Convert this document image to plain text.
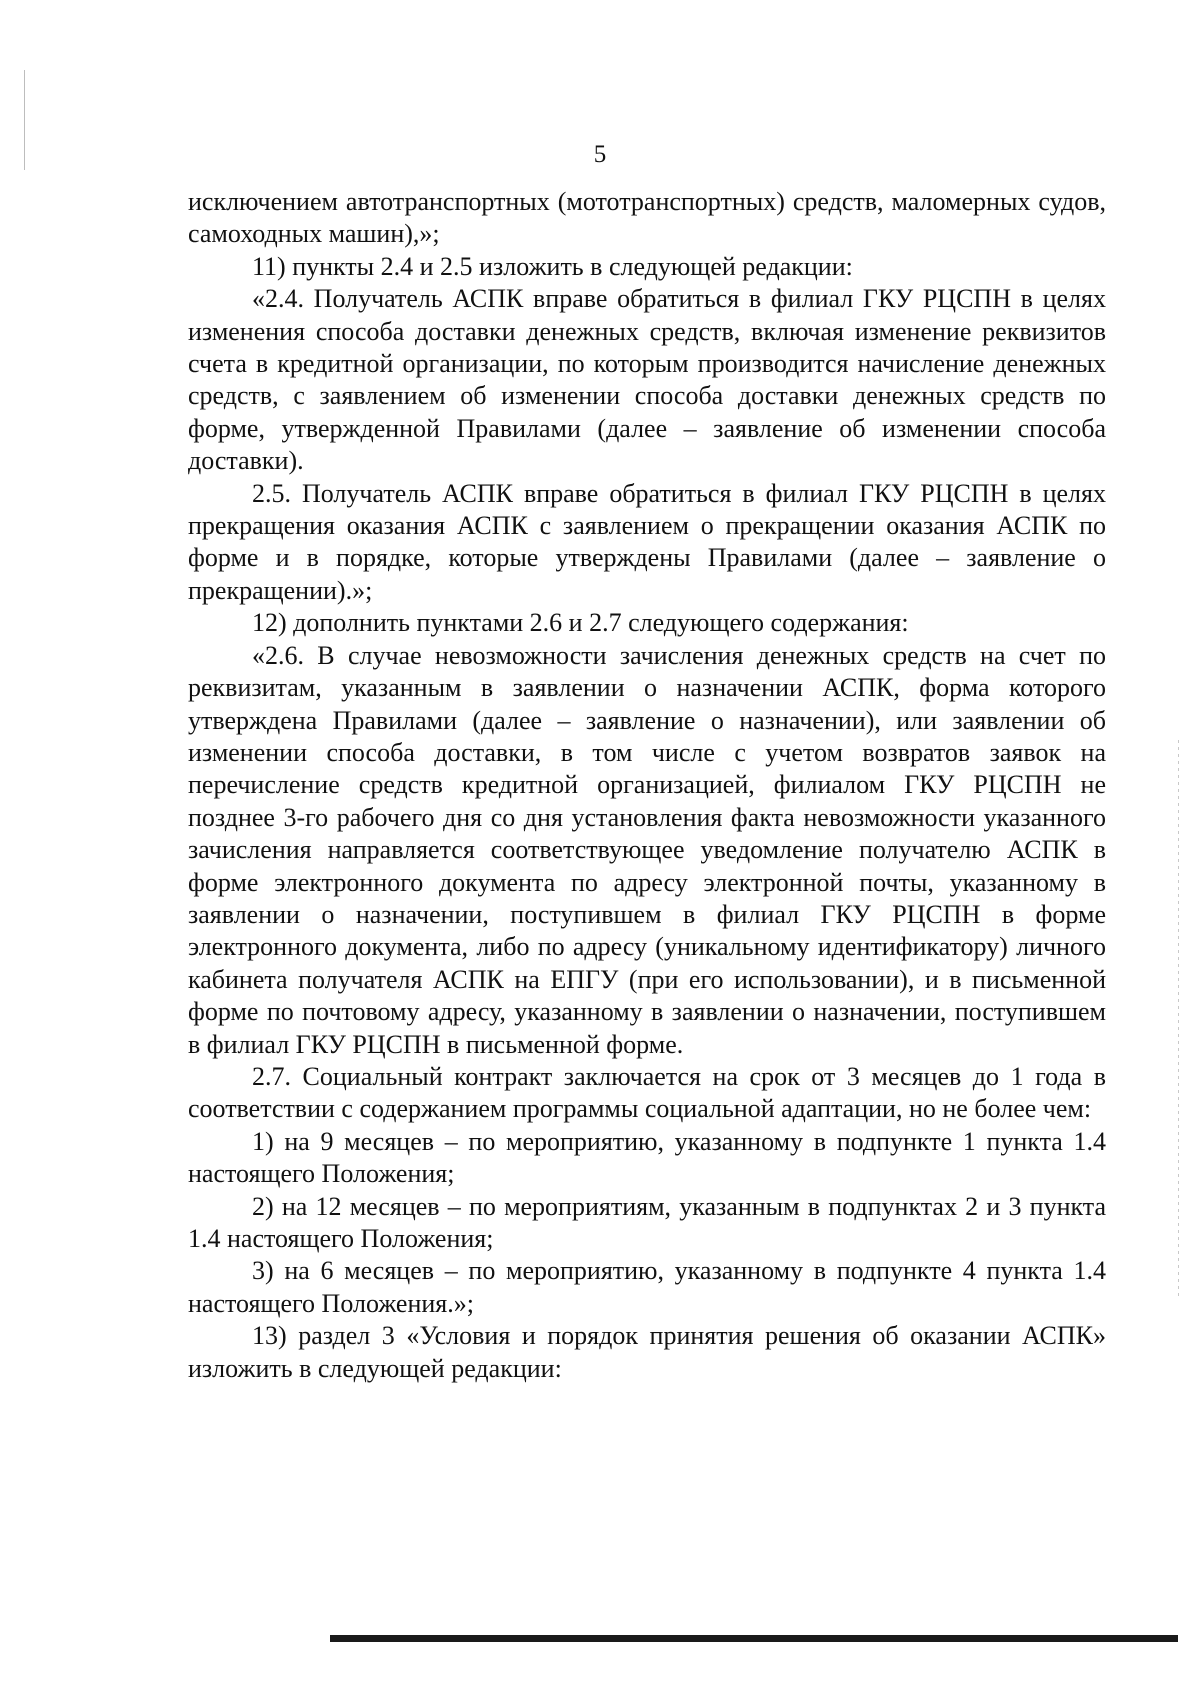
5

исключением автотранспортных (мототранспортных) средств, маломерных судов, самоходных машин),»;

11) пункты 2.4 и 2.5 изложить в следующей редакции:

«2.4. Получатель АСПК вправе обратиться в филиал ГКУ РЦСПН в целях изменения способа доставки денежных средств, включая изменение реквизитов счета в кредитной организации, по которым производится начисление денежных средств, с заявлением об изменении способа доставки денежных средств по форме, утвержденной Правилами (далее – заявление об изменении способа доставки).

2.5. Получатель АСПК вправе обратиться в филиал ГКУ РЦСПН в целях прекращения оказания АСПК с заявлением о прекращении оказания АСПК по форме и в порядке, которые утверждены Правилами (далее – заявление о прекращении).»;

12) дополнить пунктами 2.6 и 2.7 следующего содержания:

«2.6. В случае невозможности зачисления денежных средств на счет по реквизитам, указанным в заявлении о назначении АСПК, форма которого утверждена Правилами (далее – заявление о назначении), или заявлении об изменении способа доставки, в том числе с учетом возвратов заявок на перечисление средств кредитной организацией, филиалом ГКУ РЦСПН не позднее 3-го рабочего дня со дня установления факта невозможности указанного зачисления направляется соответствующее уведомление получателю АСПК в форме электронного документа по адресу электронной почты, указанному в заявлении о назначении, поступившем в филиал ГКУ РЦСПН в форме электронного документа, либо по адресу (уникальному идентификатору) личного кабинета получателя АСПК на ЕПГУ (при его использовании), и в письменной форме по почтовому адресу, указанному в заявлении о назначении, поступившем в филиал ГКУ РЦСПН в письменной форме.

2.7. Социальный контракт заключается на срок от 3 месяцев до 1 года в соответствии с содержанием программы социальной адаптации, но не более чем:

1) на 9 месяцев – по мероприятию, указанному в подпункте 1 пункта 1.4 настоящего Положения;

2) на 12 месяцев – по мероприятиям, указанным в подпунктах 2 и 3 пункта 1.4 настоящего Положения;

3) на 6 месяцев – по мероприятию, указанному в подпункте 4 пункта 1.4 настоящего Положения.»;

13) раздел 3 «Условия и порядок принятия решения об оказании АСПК» изложить в следующей редакции:
